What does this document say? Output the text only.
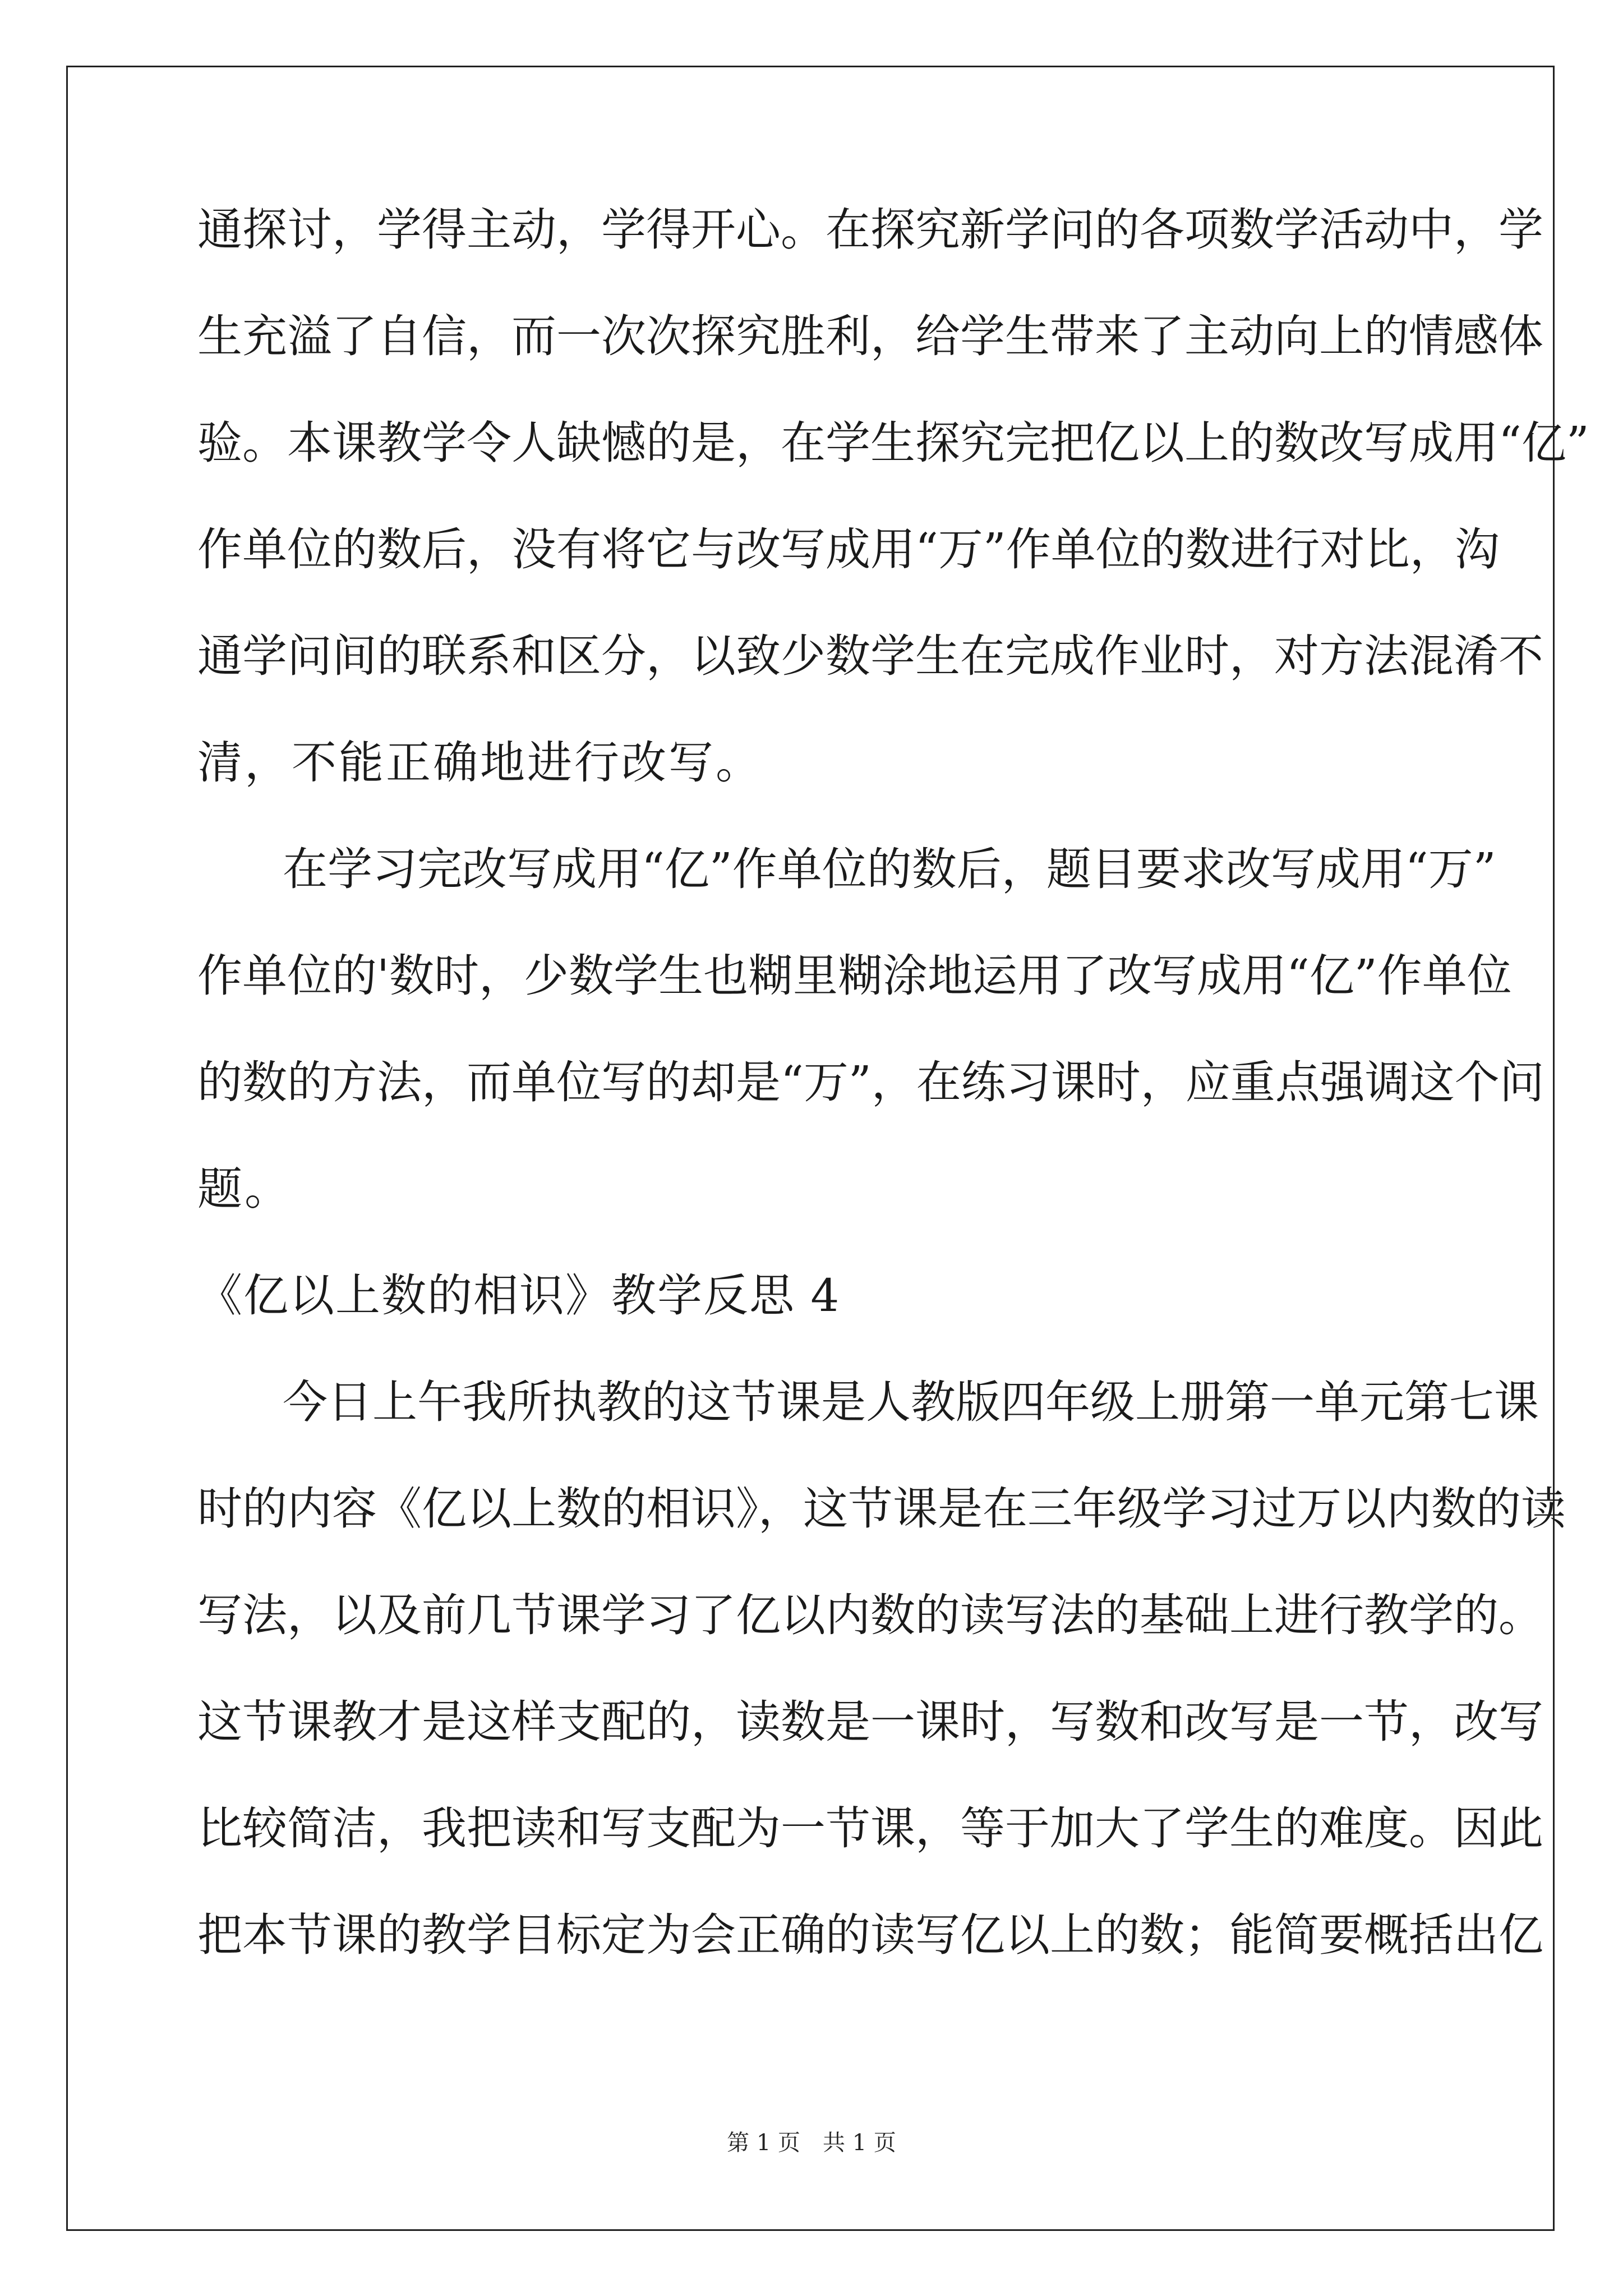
通探讨，学得主动，学得开心。在探究新学问的各项数学活动中，学
生充溢了自信，而一次次探究胜利，给学生带来了主动向上的情感体
验。本课教学令人缺憾的是，在学生探究完把亿以上的数改写成用“亿”
作单位的数后，没有将它与改写成用“万”作单位的数进行对比，沟
通学问间的联系和区分，以致少数学生在完成作业时，对方法混淆不
清，不能正确地进行改写。
在学习完改写成用“亿”作单位的数后，题目要求改写成用“万”
作单位的'数时，少数学生也糊里糊涂地运用了改写成用“亿”作单位
的数的方法，而单位写的却是“万”，在练习课时，应重点强调这个问
题。
《亿以上数的相识》教学反思 4
今日上午我所执教的这节课是人教版四年级上册第一单元第七课
时的内容《亿以上数的相识》，这节课是在三年级学习过万以内数的读
写法，以及前几节课学习了亿以内数的读写法的基础上进行教学的。
这节课教才是这样支配的，读数是一课时，写数和改写是一节，改写
比较简洁，我把读和写支配为一节课，等于加大了学生的难度。因此
把本节课的教学目标定为会正确的读写亿以上的数；能简要概括出亿
第 1 页　共 1 页
